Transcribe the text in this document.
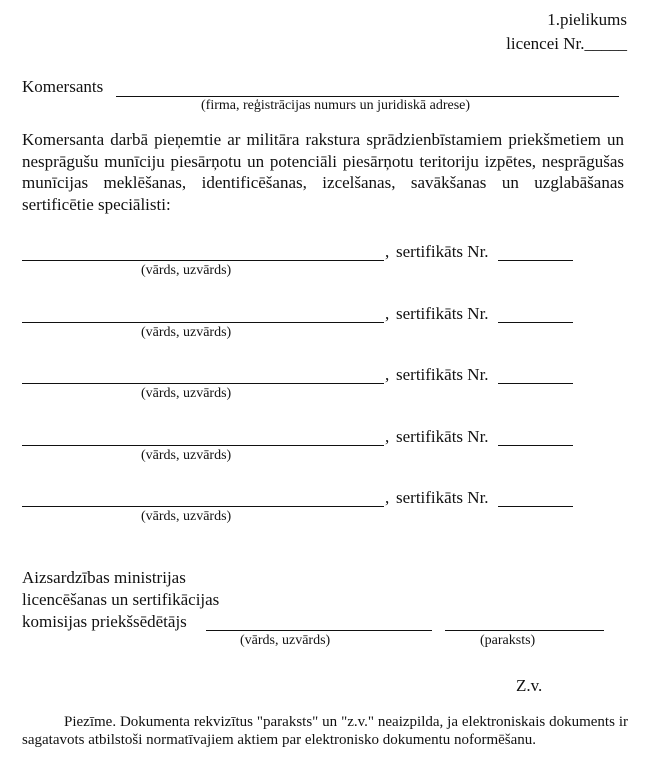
1.pielikums
licencei Nr._____
Komersants
(firma, reģistrācijas numurs un juridiskā adrese)

Komersanta darbā pieņemtie ar militāra rakstura sprādzienbīstamiem priekšmetiem un nesprāgušu munīciju piesārņotu un potenciāli piesārņotu teritoriju izpētes, nesprāgušas munīcijas meklēšanas, identificēšanas, izcelšanas, savākšanas un uzglabāšanas sertificētie speciālisti:

, sertifikāts Nr.
(vārds, uzvārds)
, sertifikāts Nr.
(vārds, uzvārds)
, sertifikāts Nr.
(vārds, uzvārds)
, sertifikāts Nr.
(vārds, uzvārds)
, sertifikāts Nr.
(vārds, uzvārds)
Aizsardzības ministrijas
licencēšanas un sertifikācijas
komisijas priekšsēdētājs
(vārds, uzvārds)	(paraksts)
Z.v.

Piezīme. Dokumenta rekvizītus "paraksts" un "z.v." neaizpilda, ja elektroniskais dokuments ir sagatavots atbilstoši normatīvajiem aktiem par elektronisko dokumentu noformēšanu.
